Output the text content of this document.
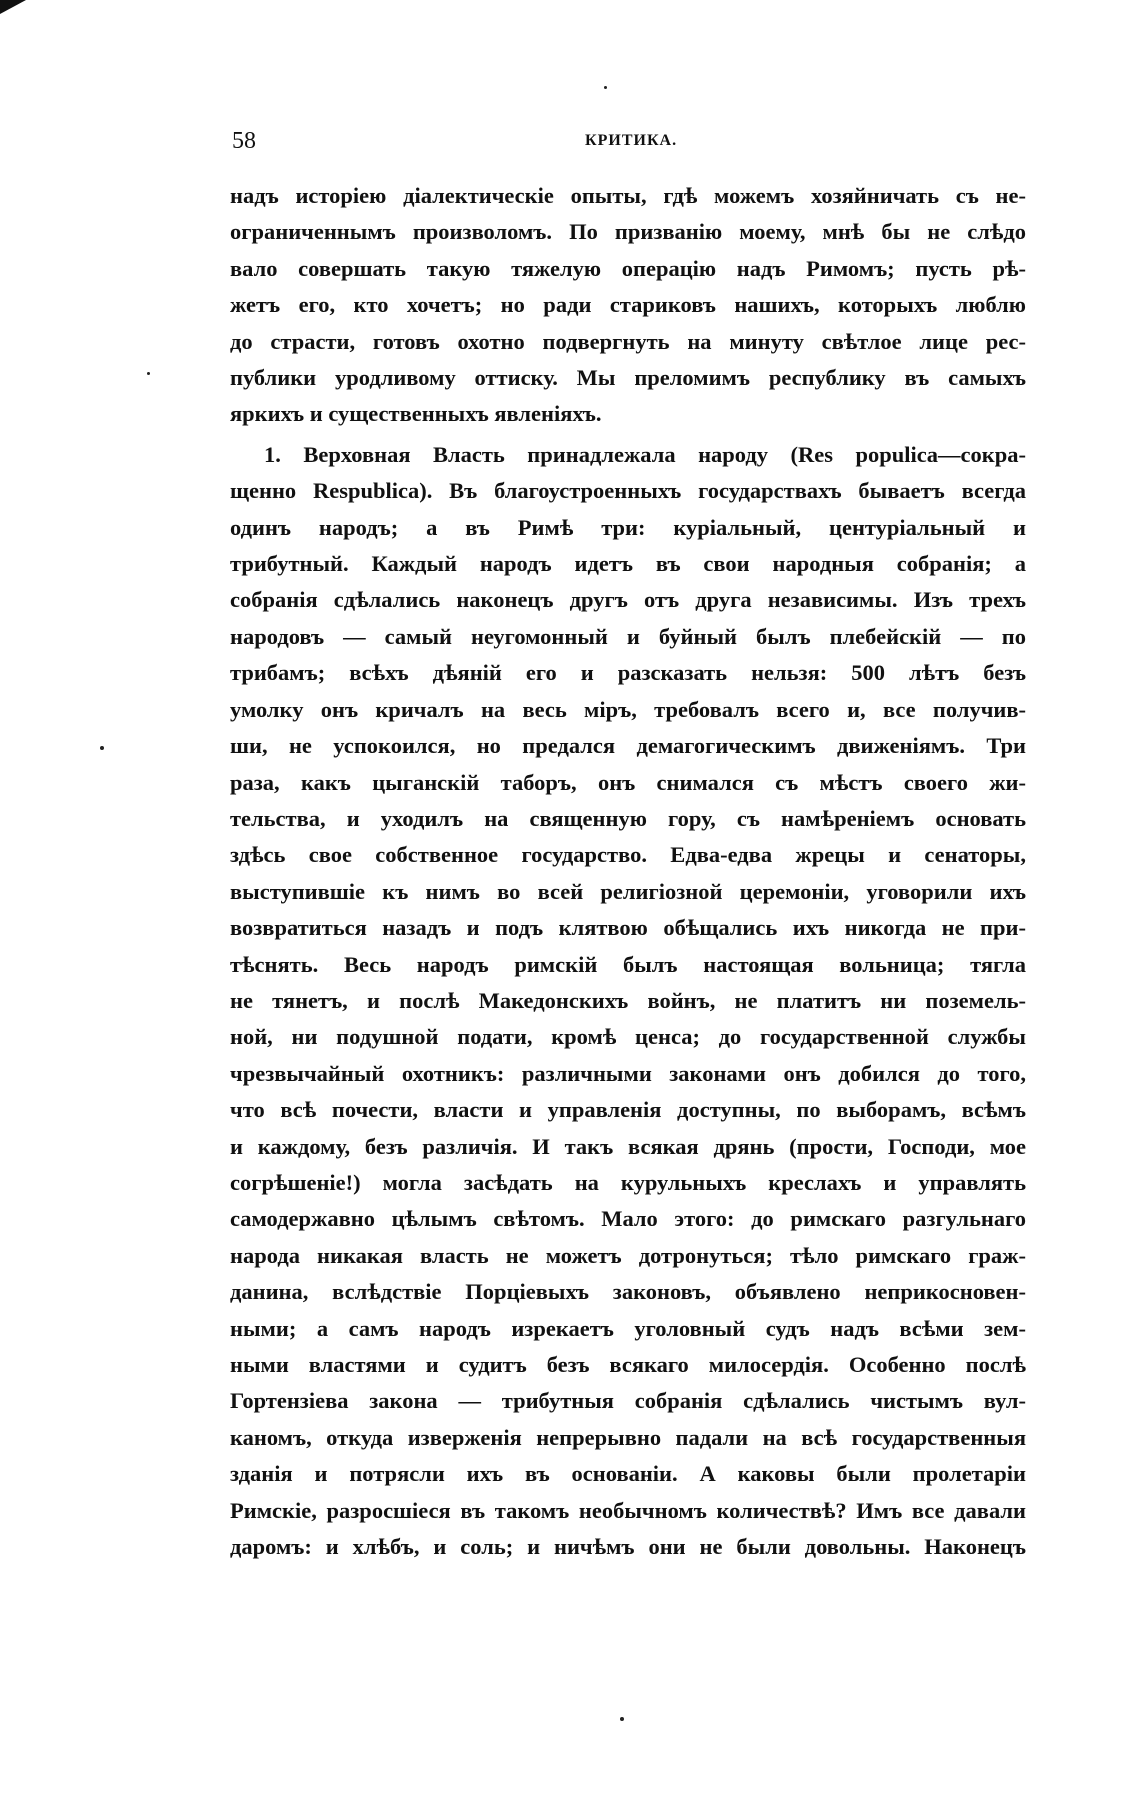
58	КРИТИКА.
надъ исторіею діалектическіе опыты, гдѣ можемъ хозяйничать съ не-
ограниченнымъ произволомъ. По призванію моему, мнѣ бы не слѣдо
вало совершать такую тяжелую операцію надъ Римомъ; пусть рѣ-
жетъ его, кто хочетъ; но ради стариковъ нашихъ, которыхъ люблю
до страсти, готовъ охотно подвергнуть на минуту свѣтлое лице рес-
публики уродливому оттиску. Мы преломимъ республику въ самыхъ
яркихъ и существенныхъ явленіяхъ.
1. Верховная Власть принадлежала народу (Res populica—сокра-
щенно Respublica). Въ благоустроенныхъ государствахъ бываетъ всегда
одинъ народъ; а въ Римѣ три: куріальный, центуріальный и
трибутный. Каждый народъ идетъ въ свои народныя собранія; а
собранія сдѣлались наконецъ другъ отъ друга независимы. Изъ трехъ
народовъ — самый неугомонный и буйный былъ плебейскій — по
трибамъ; всѣхъ дѣяній его и разсказать нельзя: 500 лѣтъ безъ
умолку онъ кричалъ на весь міръ, требовалъ всего и, все получив-
ши, не успокоился, но предался демагогическимъ движеніямъ. Три
раза, какъ цыганскій таборъ, онъ снимался съ мѣстъ своего жи-
тельства, и уходилъ на священную гору, съ намѣреніемъ основать
здѣсь свое собственное государство. Едва-едва жрецы и сенаторы,
выступившіе къ нимъ во всей религіозной церемоніи, уговорили ихъ
возвратиться назадъ и подъ клятвою обѣщались ихъ никогда не при-
тѣснять. Весь народъ римскій былъ настоящая вольница; тягла
не тянетъ, и послѣ Македонскихъ войнъ, не платитъ ни поземель-
ной, ни подушной подати, кромѣ ценса; до государственной службы
чрезвычайный охотникъ: различными законами онъ добился до того,
что всѣ почести, власти и управленія доступны, по выборамъ, всѣмъ
и каждому, безъ различія. И такъ всякая дрянь (прости, Господи, мое
согрѣшеніе!) могла засѣдать на курульныхъ креслахъ и управлять
самодержавно цѣлымъ свѣтомъ. Мало этого: до римскаго разгульнаго
народа никакая власть не можетъ дотронуться; тѣло римскаго граж-
данина, вслѣдствіе Порціевыхъ законовъ, объявлено неприкосновен-
ными; а самъ народъ изрекаетъ уголовный судъ надъ всѣми зем-
ными властями и судитъ безъ всякаго милосердія. Особенно послѣ
Гортензіева закона — трибутныя собранія сдѣлались чистымъ вул-
каномъ, откуда изверженія непрерывно падали на всѣ государственныя
зданія и потрясли ихъ въ основаніи. А каковы были пролетаріи
Римскіе, разросшіеся въ такомъ необычномъ количествѣ? Имъ все давали
даромъ: и хлѣбъ, и соль; и ничѣмъ они не были довольны. Наконецъ
